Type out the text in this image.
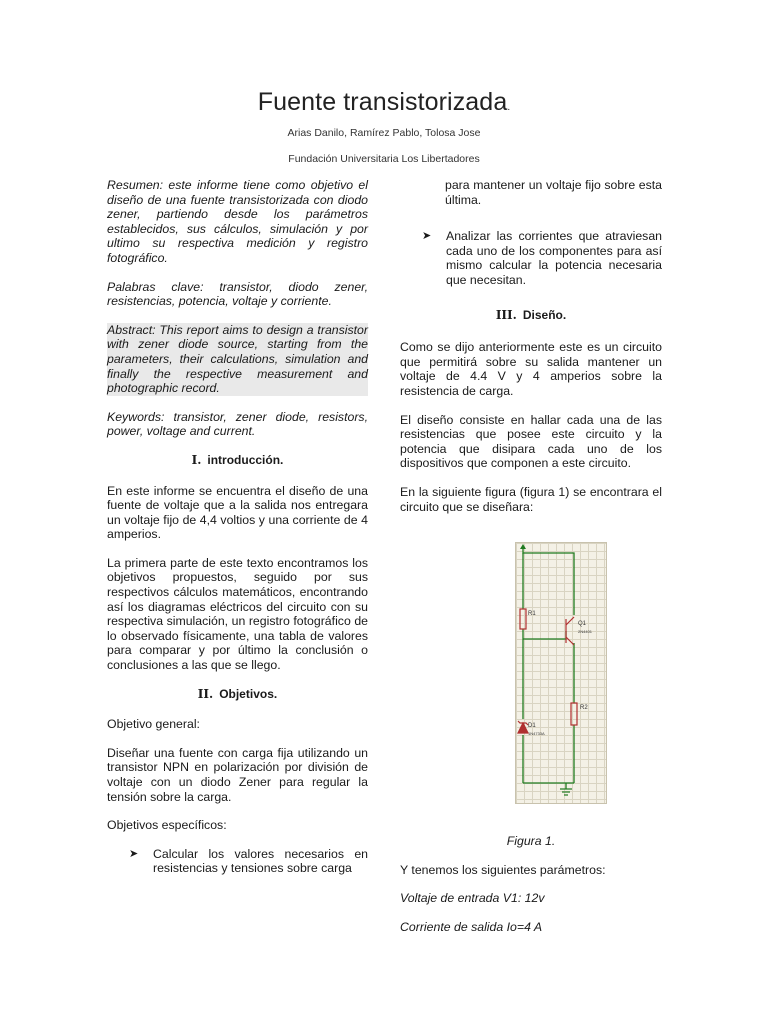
Fuente transistorizada.
Arias Danilo, Ramírez Pablo, Tolosa Jose
Fundación Universitaria Los Libertadores

Resumen: este informe tiene como objetivo el diseño de una fuente transistorizada con diodo zener, partiendo desde los parámetros establecidos, sus cálculos, simulación y por ultimo su respectiva medición y registro fotográfico.

Palabras clave: transistor, diodo zener, resistencias, potencia, voltaje y corriente.

Abstract: This report aims to design a transistor with zener diode source, starting from the parameters, their calculations, simulation and finally the respective measurement and photographic record.

Keywords: transistor, zener diode, resistors, power, voltage and current.

I. introducción.

En este informe se encuentra el diseño de una fuente de voltaje que a la salida nos entregara un voltaje fijo de 4,4 voltios y una corriente de 4 amperios.

La primera parte de este texto encontramos los objetivos propuestos, seguido por sus respectivos cálculos matemáticos, encontrando así los diagramas eléctricos del circuito con su respectiva simulación, un registro fotográfico de lo observado físicamente, una tabla de valores para comparar y por último la conclusión o conclusiones a las que se llego.

II. Objetivos.

Objetivo general:

Diseñar una fuente con carga fija utilizando un transistor NPN en polarización por división de voltaje con un diodo Zener para regular la tensión sobre la carga.

Objetivos específicos:

➤	Calcular los valores necesarios en resistencias y tensiones sobre carga

para mantener un voltaje fijo sobre esta última.

➤	Analizar las corrientes que atraviesan cada uno de los componentes para así mismo calcular la potencia necesaria que necesitan.
III. Diseño.

Como se dijo anteriormente este es un circuito que permitirá sobre su salida mantener un voltaje de 4.4 V y 4 amperios sobre la resistencia de carga.

El diseño consiste en hallar cada una de las resistencias que posee este circuito y la potencia que disipara cada uno de los dispositivos que componen a este circuito.

En la siguiente figura (figura 1) se encontrara el circuito que se diseñara:

R1
Q1
2N4401
R2
D1
1N4733A

Figura 1.

Y tenemos los siguientes parámetros:

Voltaje de entrada V1: 12v

Corriente de salida Io=4 A
